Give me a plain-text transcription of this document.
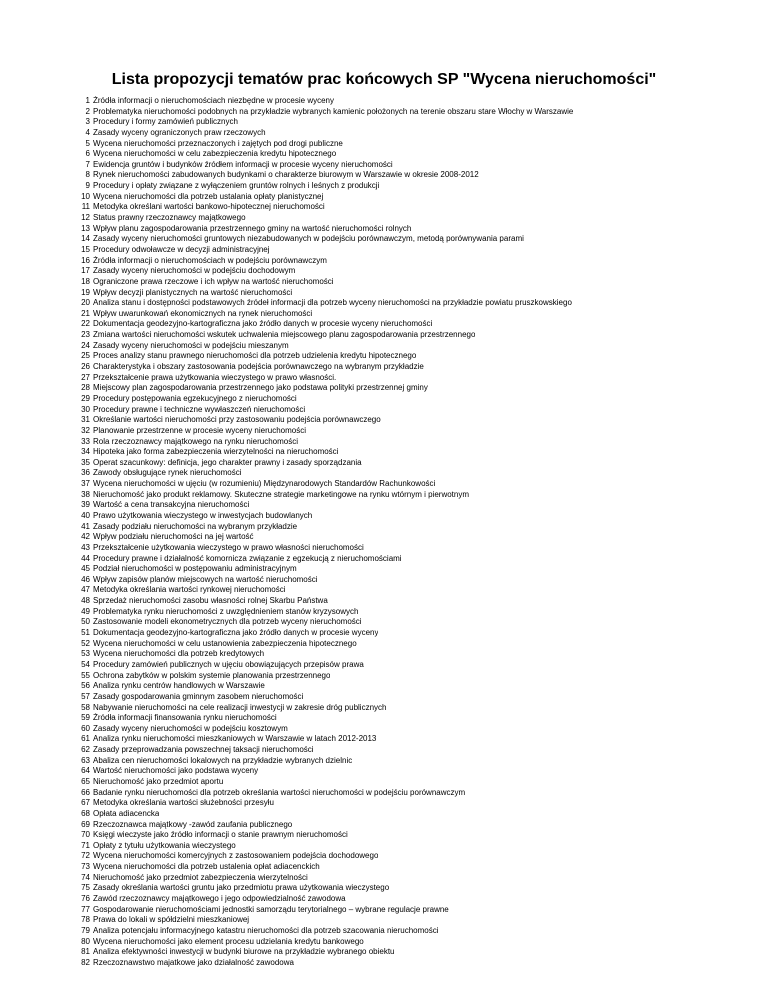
Lista propozycji tematów prac końcowych SP "Wycena nieruchomości"
1 Źródła informacji o nieruchomościach niezbędne w procesie wyceny
2 Problematyka nieruchomości podobnych na przykładzie wybranych kamienic położonych na terenie obszaru stare Włochy w Warszawie
3 Procedury i formy zamówień publicznych
4 Zasady wyceny ograniczonych praw rzeczowych
5 Wycena nieruchomości przeznaczonych i zajętych pod drogi publiczne
6 Wycena nieruchomości w celu zabezpieczenia kredytu hipotecznego
7 Ewidencja gruntów i budynków źródłem informacji w procesie wyceny nieruchomości
8 Rynek nieruchomości zabudowanych budynkami o charakterze biurowym w Warszawie w okresie 2008-2012
9 Procedury i opłaty związane z wyłączeniem gruntów rolnych i leśnych z produkcji
10 Wycena nieruchomości dla potrzeb ustalania opłaty planistycznej
11 Metodyka określani wartości bankowo-hipotecznej nieruchomości
12 Status prawny rzeczoznawcy majątkowego
13 Wpływ planu zagospodarowania przestrzennego gminy na wartość nieruchomości rolnych
14 Zasady wyceny nieruchomości gruntowych niezabudowanych w podejściu porównawczym, metodą porównywania parami
15 Procedury odwoławcze w decyzji administracyjnej
16 Źródła informacji o nieruchomościach w podejściu porównawczym
17 Zasady wyceny nieruchomości w podejściu dochodowym
18 Ograniczone prawa rzeczowe i ich wpływ na wartość nieruchomości
19 Wpływ decyzji planistycznych na wartość nieruchomości
20 Analiza stanu i dostępności podstawowych źródeł informacji dla potrzeb wyceny nieruchomości na przykładzie powiatu pruszkowskiego
21 Wpływ uwarunkowań ekonomicznych na rynek nieruchomości
22 Dokumentacja geodezyjno-kartograficzna jako źródło danych w procesie wyceny nieruchomości
23 Zmiana wartości nieruchomości wskutek uchwalenia miejscowego planu zagospodarowania przestrzennego
24 Zasady wyceny nieruchomości w podejściu mieszanym
25 Proces analizy stanu prawnego nieruchomości dla potrzeb udzielenia kredytu hipotecznego
26 Charakterystyka i obszary zastosowania podejścia porównawczego na wybranym przykładzie
27 Przekształcenie prawa użytkowania wieczystego w prawo własności.
28 Miejscowy plan zagospodarowania przestrzennego jako podstawa polityki przestrzennej gminy
29 Procedury postępowania egzekucyjnego z nieruchomości
30 Procedury prawne i techniczne wywłaszczeń nieruchomości
31 Określanie wartości nieruchomości przy zastosowaniu podejścia porównawczego
32 Planowanie przestrzenne w procesie wyceny nieruchomości
33 Rola rzeczoznawcy majątkowego na rynku nieruchomości
34 Hipoteka jako forma zabezpieczenia wierzytelności na nieruchomości
35 Operat szacunkowy: definicja, jego charakter prawny i zasady sporządzania
36 Zawody obsługujące rynek nieruchomości
37 Wycena nieruchomości w ujęciu (w rozumieniu) Międzynarodowych Standardów Rachunkowości
38 Nieruchomość jako produkt reklamowy. Skuteczne strategie marketingowe na rynku wtórnym i pierwotnym
39 Wartość a cena transakcyjna nieruchomości
40 Prawo użytkowania wieczystego w inwestycjach budowlanych
41 Zasady podziału nieruchomości na wybranym przykładzie
42 Wpływ podziału nieruchomości na jej wartość
43 Przekształcenie użytkowania wieczystego w prawo własności nieruchomości
44 Procedury prawne i działalność komornicza związanie z egzekucją z nieruchomościami
45 Podział nieruchomości w postępowaniu administracyjnym
46 Wpływ zapisów planów miejscowych na wartość nieruchomości
47 Metodyka określania wartości rynkowej nieruchomości
48 Sprzedaż nieruchomości zasobu własności rolnej Skarbu Państwa
49 Problematyka rynku nieruchomości z uwzględnieniem stanów kryzysowych
50 Zastosowanie modeli ekonometrycznych dla potrzeb wyceny nieruchomości
51 Dokumentacja geodezyjno-kartograficzna jako źródło danych w procesie wyceny
52 Wycena nieruchomości w celu ustanowienia zabezpieczenia hipotecznego
53 Wycena nieruchomości dla potrzeb kredytowych
54 Procedury zamówień publicznych w ujęciu obowiązujących przepisów prawa
55 Ochrona zabytków w polskim systemie planowania przestrzennego
56 Analiza rynku centrów handlowych w Warszawie
57 Zasady gospodarowania gminnym zasobem nieruchomości
58 Nabywanie nieruchomości na cele realizacji inwestycji w zakresie dróg publicznych
59 Źródła informacji finansowania rynku nieruchomości
60 Zasady wyceny nieruchomości w podejściu kosztowym
61 Analiza rynku nieruchomości mieszkaniowych w Warszawie w latach 2012-2013
62 Zasady przeprowadzania powszechnej taksacji nieruchomości
63 Abaliza cen nieruchomości lokalowych na przykładzie wybranych dzielnic
64 Wartość nieruchomości jako podstawa wyceny
65 Nieruchomość jako przedmiot aportu
66 Badanie rynku nieruchomości dla potrzeb określania wartości nieruchomości w podejściu porównawczym
67 Metodyka określania wartości służebności przesyłu
68 Opłata adiacencka
69 Rzeczoznawca majątkowy -zawód zaufania publicznego
70 Księgi wieczyste jako źródło informacji o stanie prawnym nieruchomości
71 Opłaty z tytułu użytkowania wieczystego
72 Wycena nieruchomości komercyjnych z zastosowaniem podejścia dochodowego
73 Wycena nieruchomości dla potrzeb ustalenia opłat adiacenckich
74 Nieruchomość jako przedmiot zabezpieczenia wierzytelności
75 Zasady określania wartości gruntu jako przedmiotu prawa użytkowania wieczystego
76 Zawód rzeczoznawcy majątkowego i jego odpowiedzialność zawodowa
77 Gospodarowanie nieruchomościami jednostki samorządu terytorialnego – wybrane regulacje prawne
78 Prawa do lokali w spółdzielni mieszkaniowej
79 Analiza potencjału informacyjnego katastru nieruchomości dla potrzeb szacowania nieruchomości
80 Wycena nieruchomości jako element procesu udzielania kredytu bankowego
81 Analiza efektywności inwestycji w budynki biurowe na przykładzie wybranego obiektu
82 Rzeczoznawstwo majatkowe jako działalność zawodowa
